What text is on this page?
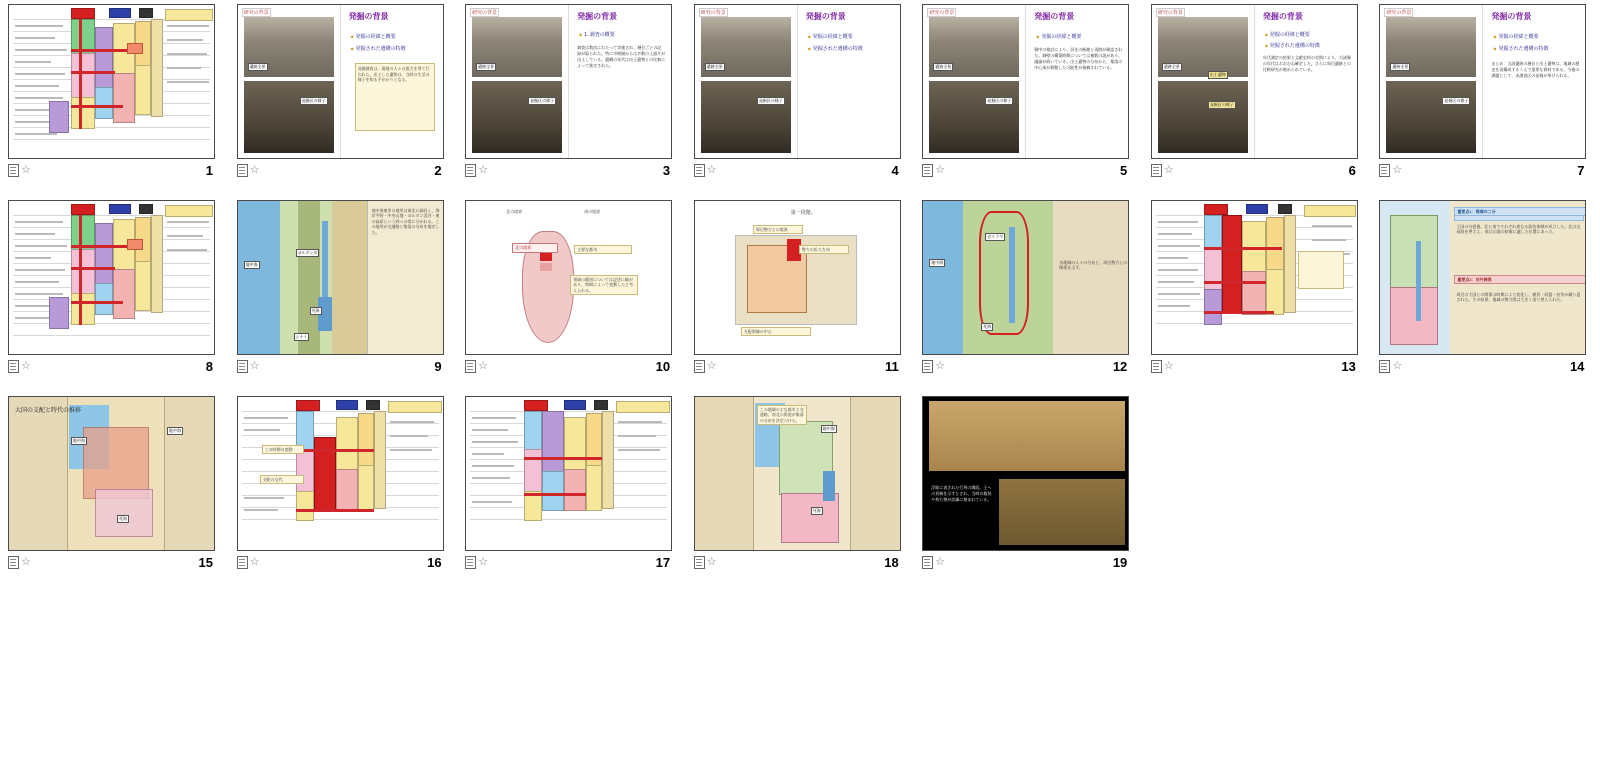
☆	1
研究の背景
遺跡全景
発掘区の様子
発掘の背景
◆ 発掘の経緯と概要
◆ 発掘された遺構の特徴
発掘調査は、現地の人々の協力を得て行われた。出土した遺物は、当時の生活の様子を知る手がかりとなる。
☆	2
研究の背景
遺跡全景
発掘区の様子
発掘の背景
◆ 1. 調査の概要
調査は数次にわたって実施され、層位ごとの記録が取られた。特に中期層からは多数の土器片が出土している。遺構の年代は出土遺物との比較によって推定された。
☆	3
研究の背景
遺跡全景
発掘区の様子
発掘の背景
◆ 発掘の経緯と概要
◆ 発掘された遺構の特徴
☆	4
研究の背景
遺跡全景
発掘区の様子
発掘の背景
◆ 発掘の経緯と概要
層序の検討により、居住の断絶と再開が確認された。城壁の構築時期については複数の説があり、議論が続いている。出土遺物の分布から、集落の中心部が移動した可能性が指摘されている。
☆	5
研究の背景
遺跡全景
出土遺物
発掘区の様子
発掘の背景
◆ 発掘の経緯と概要
◆ 発掘された遺構の特徴
年代測定の結果と文献史料の対照により、当該層の年代はおおむね確定した。さらに周辺遺跡との比較研究が進められている。
☆	6
研究の背景
遺跡全景
発掘区の様子
発掘の背景
◆ 発掘の経緯と概要
◆ 発掘された遺構の特徴
まとめ：当該遺跡の層位と出土遺物は、地域の歴史を再構成するうえで重要な資料である。今後の課題として、未調査区の発掘が挙げられる。
☆	7
☆	8
地中海東岸の地形は南北に細長く、海岸平野・中央山地・ヨルダン渓谷・東の高原という四つの帯に分かれる。この地形が交通路と集落の分布を規定した。
地中海
ヨルダン川
死海
シナイ
☆	9
北の境界	南の境界
主要な都市
領域の範囲については記述に幅があり、時期によって変動したと考えられる。
北の境界
☆	10
第一段階。
勢力の拡大方向
支配領域の中心
周辺勢力との境界
☆	11
地中海
ガリラヤ
死海
各地域の人々の分布と、周辺勢力との関係を示す。
☆	12	☆	13
重要点1：領域の二分
王国の分裂後、北と南でそれぞれ異なる政治体制が成立した。北は交易路を押さえ、南は山地の防衛に適した位置にあった。
重要点2：対外関係
周辺の大国との関係は時期により変化し、朝貢・同盟・抗争が繰り返された。その結果、地域の勢力図は大きく塗り替えられた。
☆	14
大国の支配と時代の推移
地中海
死海
地中海
☆	15
この時期の変動
支配の交代
☆	16	☆	17
この地域の主な都市と交通路。南北の街道が集落の分布を決定づけた。
地中海
死海
☆	18
浮彫に表された行列の場面。王への貢納を示すとされ、当時の服装や持ち物が詳細に刻まれている。
☆	19
